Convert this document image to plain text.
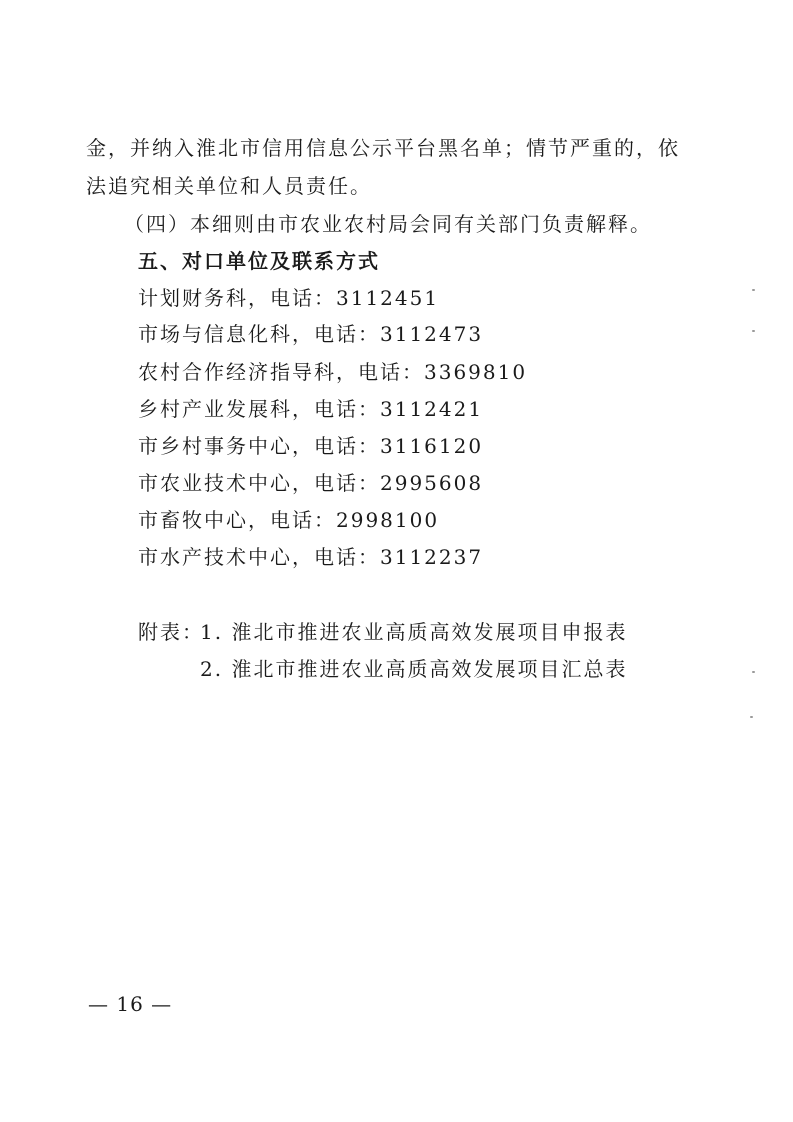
金，并纳入淮北市信用信息公示平台黑名单；情节严重的，依
法追究相关单位和人员责任。
（四）本细则由市农业农村局会同有关部门负责解释。
五、对口单位及联系方式
计划财务科，电话：3112451
市场与信息化科，电话：3112473
农村合作经济指导科，电话：3369810
乡村产业发展科，电话：3112421
市乡村事务中心，电话：3116120
市农业技术中心，电话：2995608
市畜牧中心，电话：2998100
市水产技术中心，电话：3112237
附表：
1. 淮北市推进农业高质高效发展项目申报表
2. 淮北市推进农业高质高效发展项目汇总表
— 16 —
